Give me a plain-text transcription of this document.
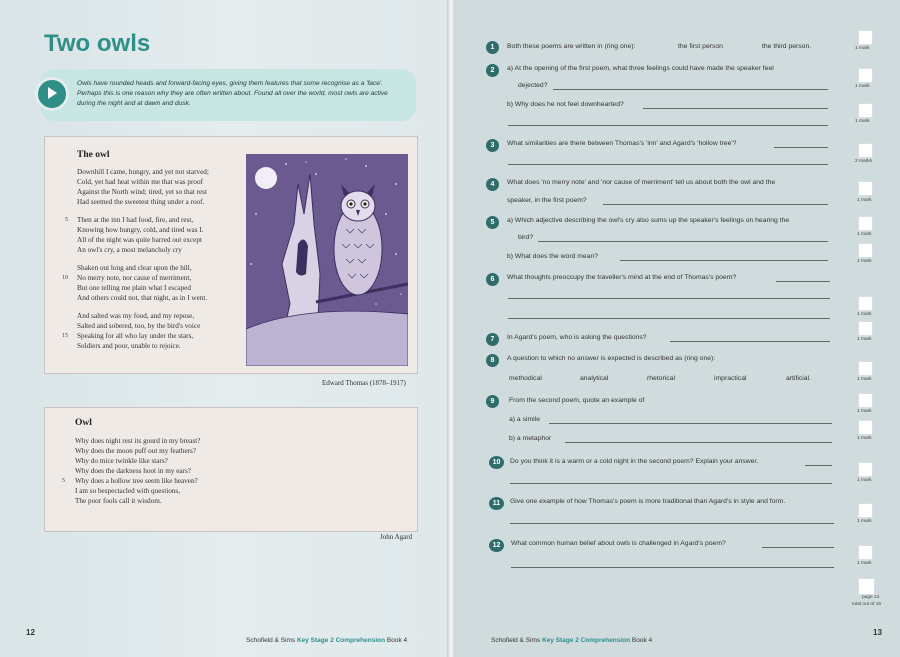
Two owls
Owls have rounded heads and forward-facing eyes, giving them features that some recognise as a 'face'. Perhaps this is one reason why they are often written about. Found all over the world, most owls are active during the night and at dawn and dusk.
The owl
Downhill I came, hungry, and yet not starved;
Cold, yet had heat within me that was proof
Against the North wind; tired, yet so that rest
Had seemed the sweetest thing under a roof.
5 Then at the inn I had food, fire, and rest,
Knowing how hungry, cold, and tired was I.
All of the night was quite barred out except
An owl's cry, a most melancholy cry
Shaken out long and clear upon the hill,
10 No merry note, nor cause of merriment,
But one telling me plain what I escaped
And others could not, that night, as in I went.
And salted was my food, and my repose,
Salted and sobered, too, by the bird's voice
15 Speaking for all who lay under the stars,
Soldiers and poor, unable to rejoice.
Edward Thomas (1878–1917)
Owl
Why does night rest its gourd in my breast?
Why does the moon puff out my feathers?
Why do mice twinkle like stars?
Why does the darkness hoot in my ears?
5 Why does a hollow tree seem like heaven?
I am so bespectacled with questions,
The poor fools call it wisdom.
John Agard
12
Schofield & Sims Key Stage 2 Comprehension Book 4
1	Both these poems are written in (ring one):	the first person	the third person.
2	a) At the opening of the first poem, what three feelings could have made the speaker feel
dejected?
b) Why does he not feel downhearted?
3	What similarities are there between Thomas's 'inn' and Agard's 'hollow tree'?
4	What does 'no merry note' and 'nor cause of merriment' tell us about both the owl and the
speaker, in the first poem?
5	a) Which adjective describing the owl's cry also sums up the speaker's feelings on hearing the
bird?
b) What does the word mean?
6	What thoughts preoccupy the traveller's mind at the end of Thomas's poem?
7	In Agard's poem, who is asking the questions?
8	A question to which no answer is expected is described as (ring one):
methodical	analytical	rhetorical	impractical	artificial.
9	From the second poem, quote an example of
a) a simile
b) a metaphor
10	Do you think it is a warm or a cold night in the second poem? Explain your answer.
11	Give one example of how Thomas's poem is more traditional than Agard's in style and form.
12	What common human belief about owls is challenged in Agard's poem?
1 mark
1 mark
1 mark
2 marks
1 mark
1 mark
1 mark
1 mark
1 mark
1 mark
1 mark
1 mark
1 mark
1 mark
1 mark
page 13
total out of 16
13
Schofield & Sims Key Stage 2 Comprehension Book 4
